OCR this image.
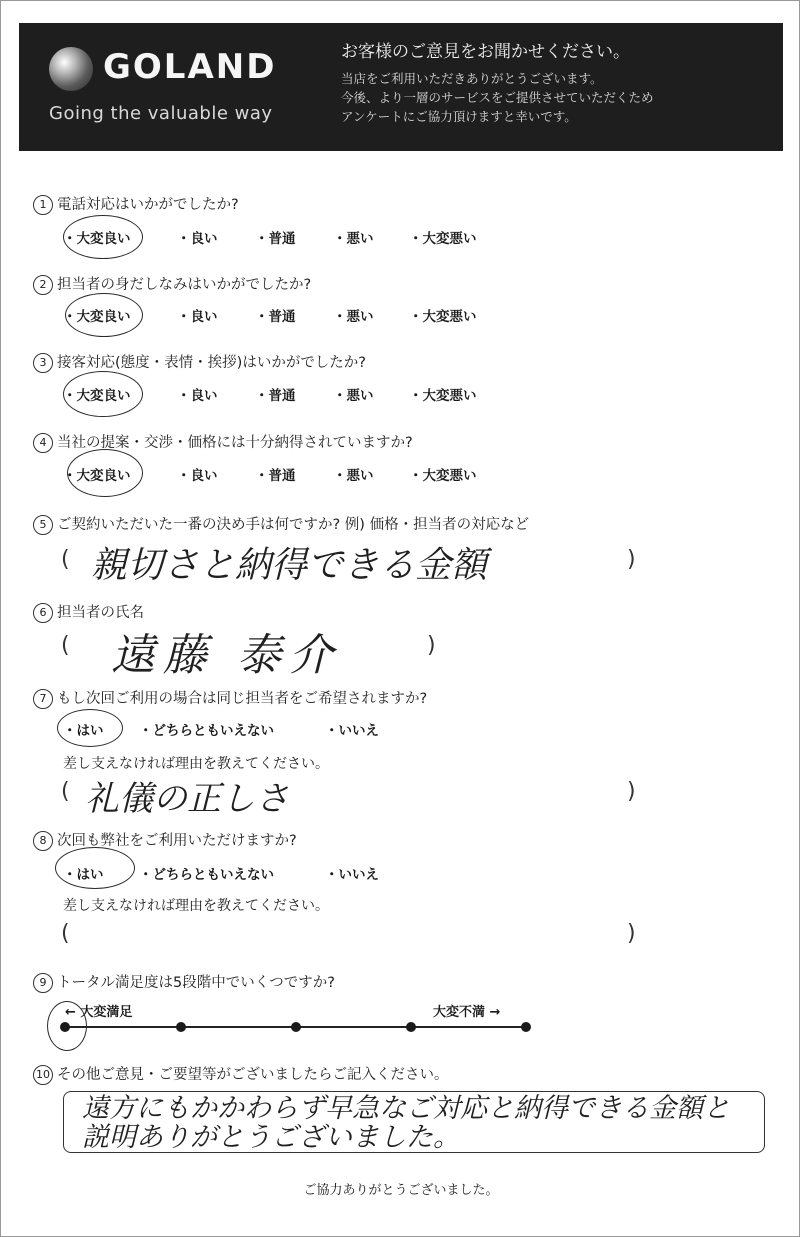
GOLAND
Going the valuable way
お客様のご意見をお聞かせください。
当店をご利用いただきありがとうございます。
今後、より一層のサービスをご提供させていただくため
アンケートにご協力頂けますと幸いです。
1 電話対応はいかがでしたか?
・大変良い	・良い	・普通	・悪い	・大変悪い
2 担当者の身だしなみはいかがでしたか?
・大変良い	・良い	・普通	・悪い	・大変悪い
3 接客対応(態度・表情・挨拶)はいかがでしたか?
・大変良い	・良い	・普通	・悪い	・大変悪い
4 当社の提案・交渉・価格には十分納得されていますか?
・大変良い	・良い	・普通	・悪い	・大変悪い
5 ご契約いただいた一番の決め手は何ですか? 例) 価格・担当者の対応など
(	)
親切さと納得できる金額
6 担当者の氏名
(	)
遠藤 泰介
7 もし次回ご利用の場合は同じ担当者をご希望されますか?
・はい	・どちらともいえない	・いいえ
差し支えなければ理由を教えてください。
(	)
礼儀の正しさ
8 次回も弊社をご利用いただけますか?
・はい	・どちらともいえない	・いいえ
差し支えなければ理由を教えてください。
(	)
9 トータル満足度は5段階中でいくつですか?
← 大変満足	大変不満 →
10 その他ご意見・ご要望等がございましたらご記入ください。
遠方にもかかわらず早急なご対応と納得できる金額と説明ありがとうございました。
ご協力ありがとうございました。
